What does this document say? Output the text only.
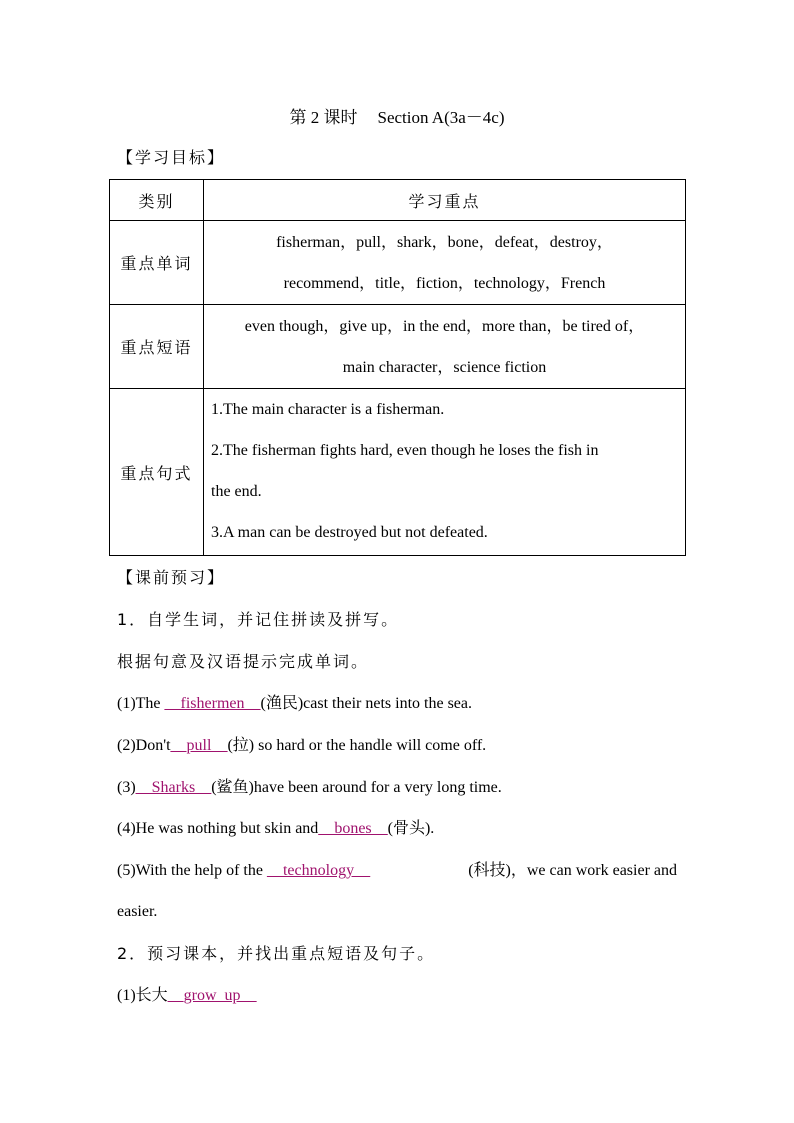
第 2 课时 Section A(3a－4c)
【学习目标】
类别	学习重点
重点单词	fisherman，pull，shark，bone，defeat，destroy，
recommend，title，fiction，technology，French

重点短语	even though，give up，in the end，more than，be tired of，
main character，science fiction

重点句式	1.The main character is a fisherman.
2.The fisherman fights hard, even though he loses the fish in
the end.
3.A man can be destroyed but not defeated.
【课前预习】
1．自学生词，并记住拼读及拼写。
根据句意及汉语提示完成单词。
(1)The __fishermen__(渔民)cast their nets into the sea.
(2)Don't__pull__(拉) so hard or the handle will come off.
(3)__Sharks__(鲨鱼)have been around for a very long time.
(4)He was nothing but skin and__bones__(骨头).
(5)With the help of the __technology__	(科技)，we can work easier and
easier.
2．预习课本，并找出重点短语及句子。
(1)长大__grow_up__
